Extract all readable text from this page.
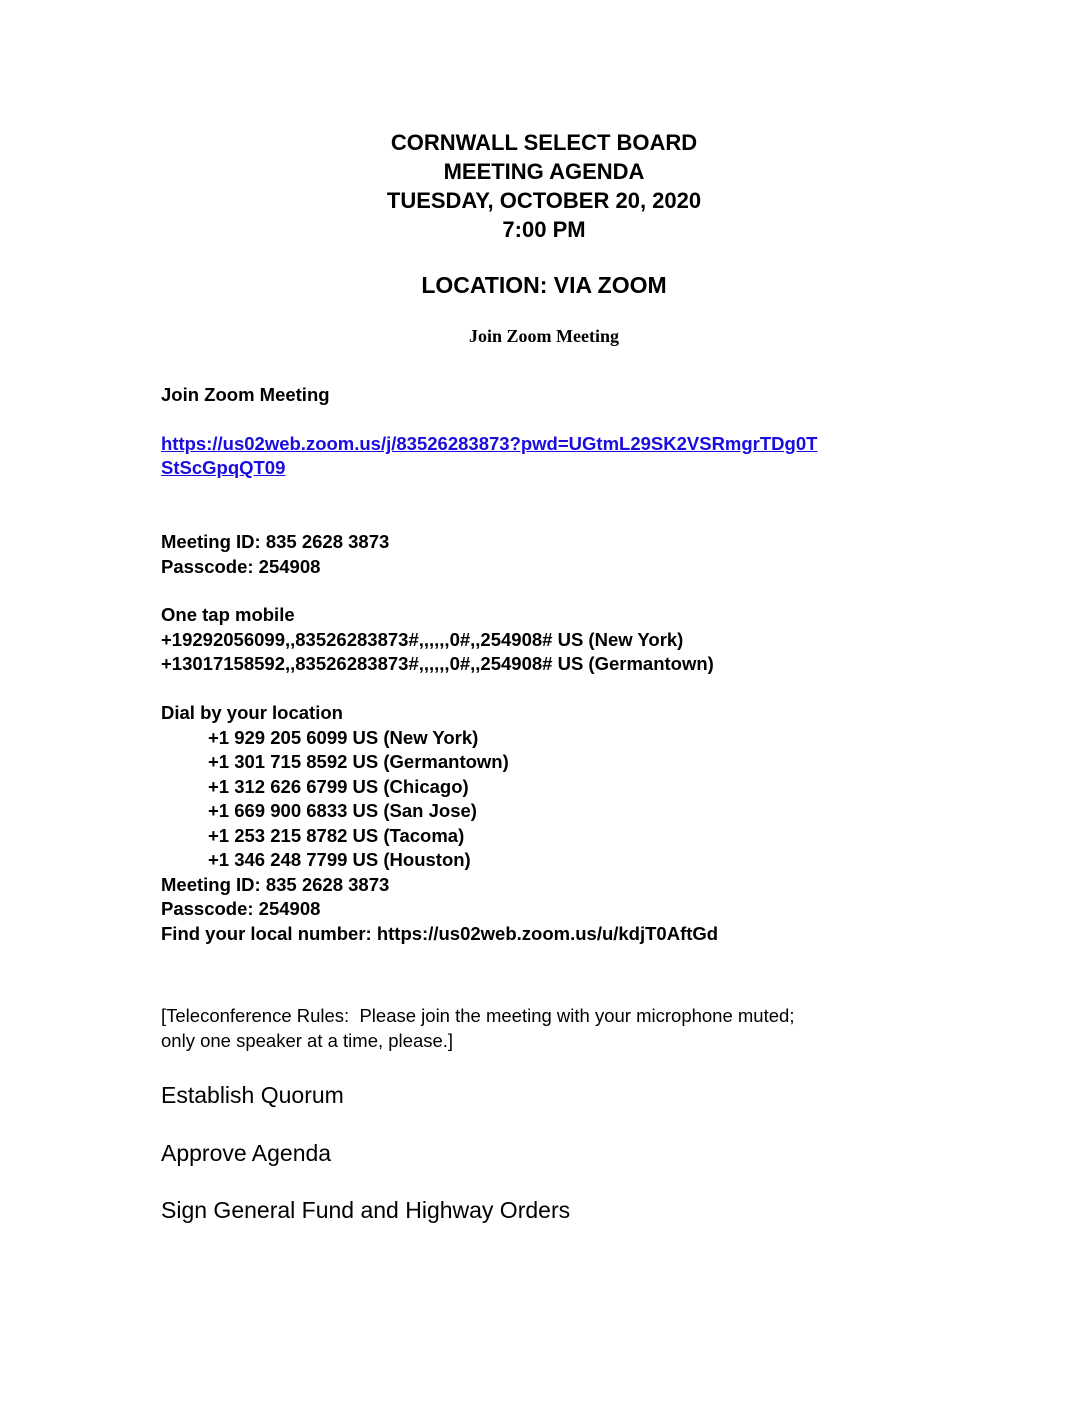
CORNWALL SELECT BOARD
MEETING AGENDA
TUESDAY, OCTOBER 20, 2020
7:00 PM
LOCATION: VIA ZOOM
Join Zoom Meeting
Join Zoom Meeting
https://us02web.zoom.us/j/83526283873?pwd=UGtmL29SK2VSRmgrTDg0T
StScGpqQT09
Meeting ID: 835 2628 3873
Passcode: 254908
One tap mobile
+19292056099,,83526283873#,,,,,,0#,,254908# US (New York)
+13017158592,,83526283873#,,,,,,0#,,254908# US (Germantown)
Dial by your location
+1 929 205 6099 US (New York)
+1 301 715 8592 US (Germantown)
+1 312 626 6799 US (Chicago)
+1 669 900 6833 US (San Jose)
+1 253 215 8782 US (Tacoma)
+1 346 248 7799 US (Houston)
Meeting ID: 835 2628 3873
Passcode: 254908
Find your local number: https://us02web.zoom.us/u/kdjT0AftGd
[Teleconference Rules:  Please join the meeting with your microphone muted;
only one speaker at a time, please.]
Establish Quorum
Approve Agenda
Sign General Fund and Highway Orders
